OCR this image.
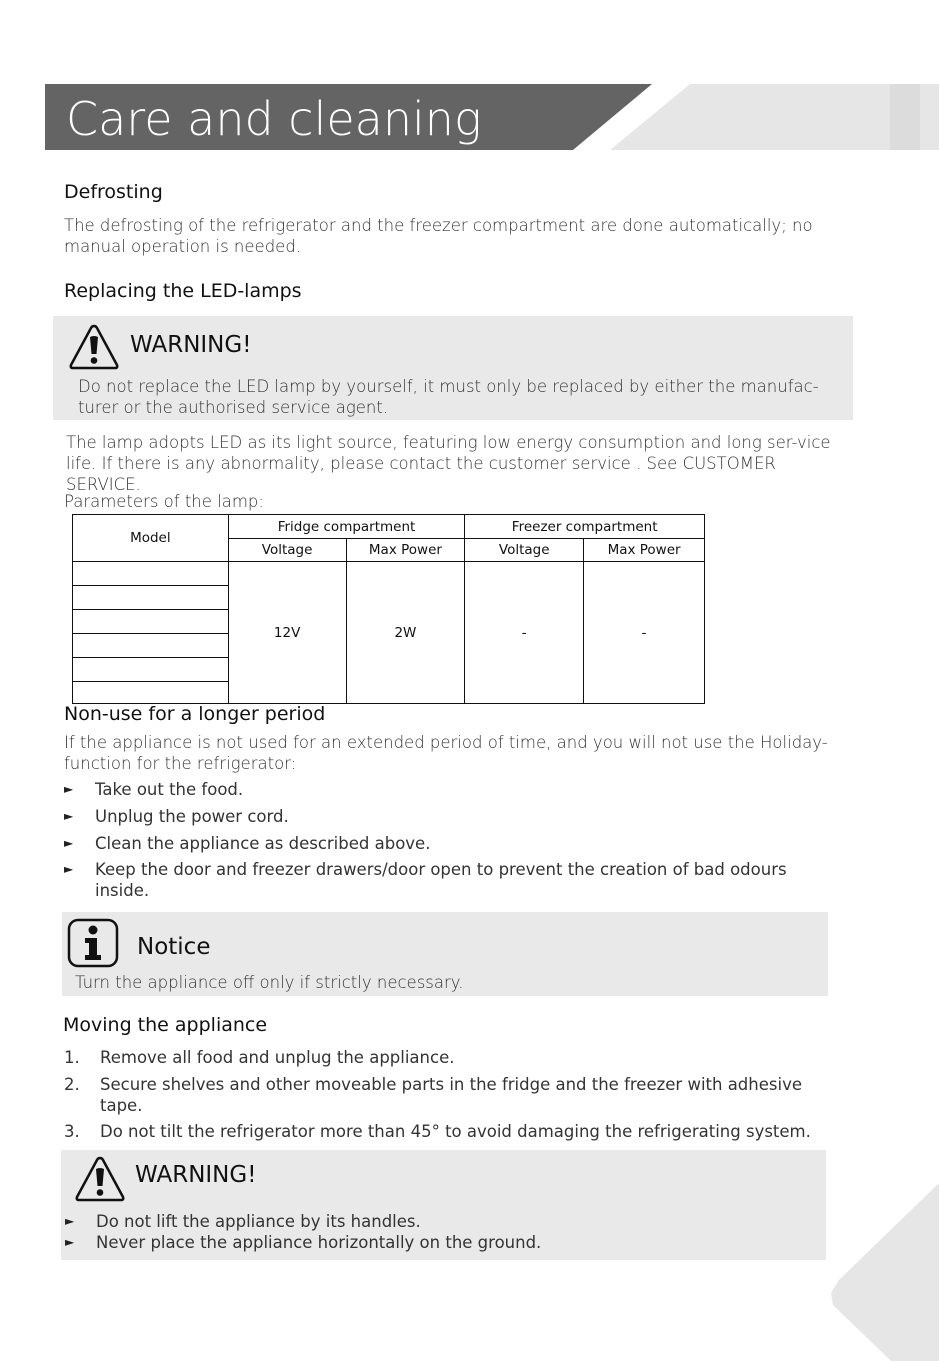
Care and cleaning
Defrosting
The defrosting of the refrigerator and the freezer compartment are done automatically; no manual operation is needed.
Replacing the LED-lamps
WARNING!
Do not replace the LED lamp by yourself, it must only be replaced by either the manufac-turer or the authorised service agent.
The lamp adopts LED as its light source, featuring low energy consumption and long ser-vice life. If there is any abnormality, please contact the customer service . See CUSTOMER SERVICE.
Parameters of the lamp:
Model	Fridge compartment		Freezer compartment	
	Voltage	Max Power	Voltage	Max Power
	12V	2W	-	-

Non-use for a longer period
If the appliance is not used for an extended period of time, and you will not use the Holiday-function for the refrigerator:
► Take out the food.
► Unplug the power cord.
► Clean the appliance as described above.
► Keep the door and freezer drawers/door open to prevent the creation of bad odours inside.
Notice
Turn the appliance off only if strictly necessary.
Moving the appliance
1. Remove all food and unplug the appliance.
2. Secure shelves and other moveable parts in the fridge and the freezer with adhesive tape.
3. Do not tilt the refrigerator more than 45° to avoid damaging the refrigerating system.
WARNING!
► Do not lift the appliance by its handles.
► Never place the appliance horizontally on the ground.
